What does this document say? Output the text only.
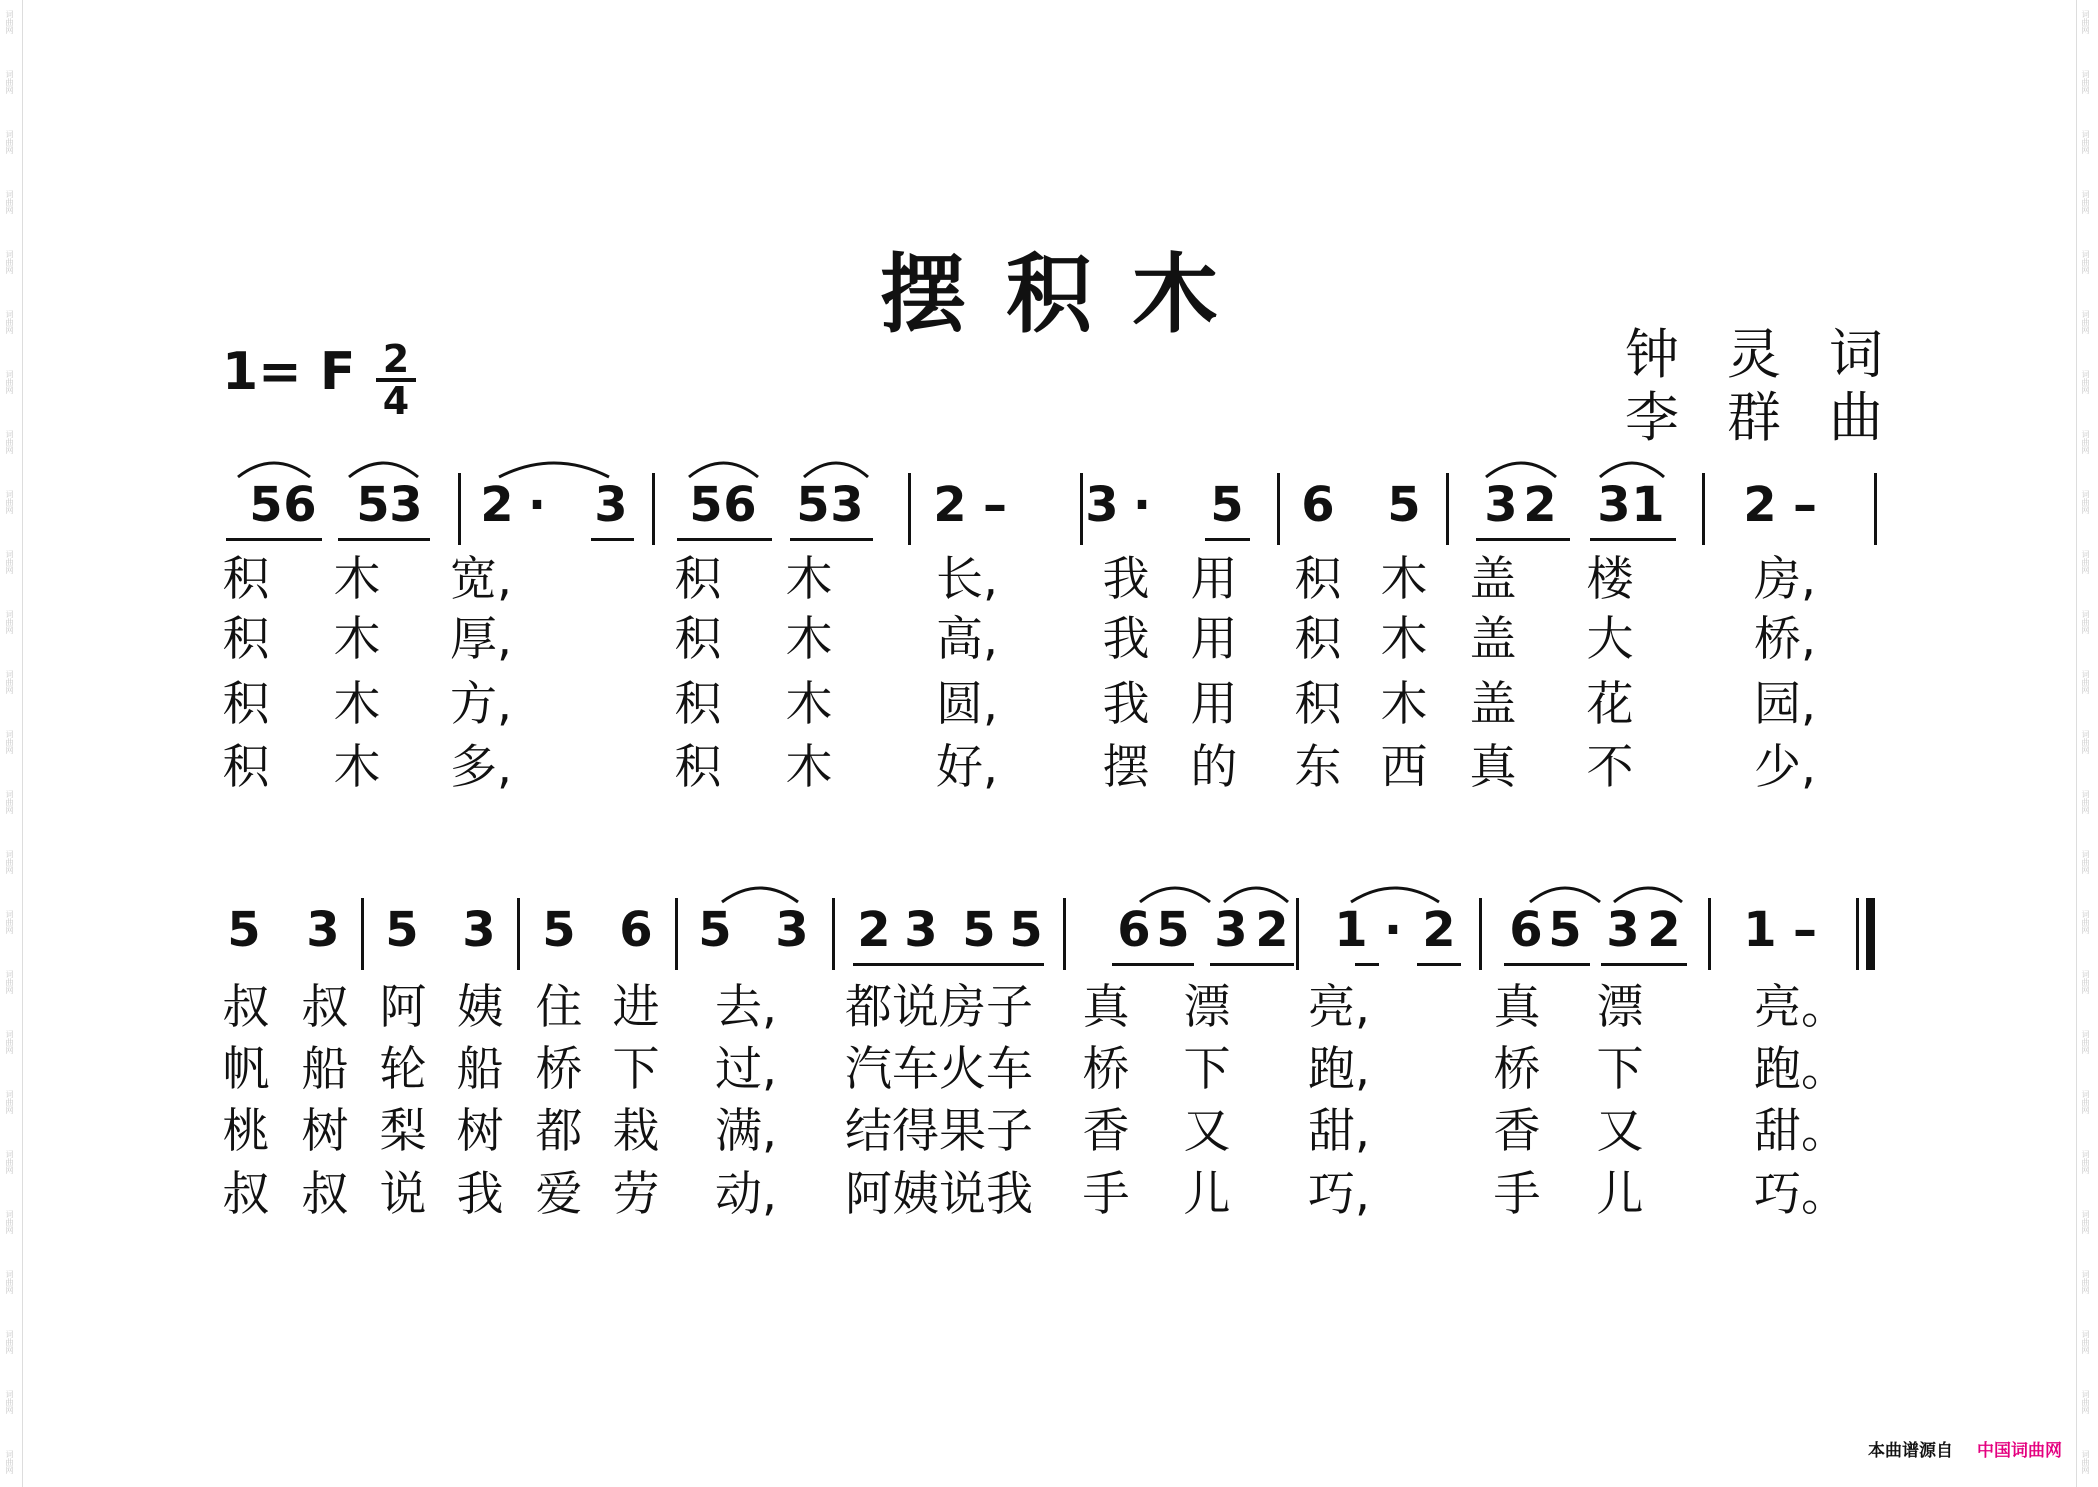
词曲网
词曲网
词曲网
词曲网
词曲网
词曲网
词曲网
词曲网
词曲网
词曲网
词曲网
词曲网
词曲网
词曲网
词曲网
词曲网
词曲网
词曲网
词曲网
词曲网
词曲网
词曲网
词曲网
词曲网
词曲网
词曲网
词曲网
词曲网
词曲网
词曲网
词曲网
词曲网
词曲网
词曲网
词曲网
词曲网
词曲网
词曲网
词曲网
词曲网
词曲网
词曲网
词曲网
词曲网
词曲网
词曲网
词曲网
词曲网
词曲网
词曲网
摆积木
1= F $\frac{2}{4}$	钟灵词
李群曲
5 6 5 3 2 · 3 5 6 5 3 2 – 3 · 5 6 5 3 2 3 1 2 –
5 3 5 3 5 6 5 3 2 3 5 5 6 5 3 2 1 · 2 6 5 3 2 1 –
积 木 宽,	积 木 长, 我 用 积 木 盖 楼	房,
积 木 厚,	积 木 高, 我 用 积 木 盖 大	桥,
积 木 方,	积 木 圆, 我 用 积 木 盖 花	园,
积 木 多,	积 木 好, 摆 的 东 西 真 不	少,
叔 叔 阿 姨 住 进 去, 都说房子	真 漂 亮,	真 漂 亮。
帆 船 轮 船 桥 下 过, 汽车火车	桥 下 跑,	桥 下 跑。
桃 树 梨 树 都 栽 满, 结得果子	香 又 甜,	香 又 甜。
叔 叔 说 我 爱 劳 动, 阿姨说我	手 儿 巧,	手 儿 巧。
本曲谱源自 中国词曲网
